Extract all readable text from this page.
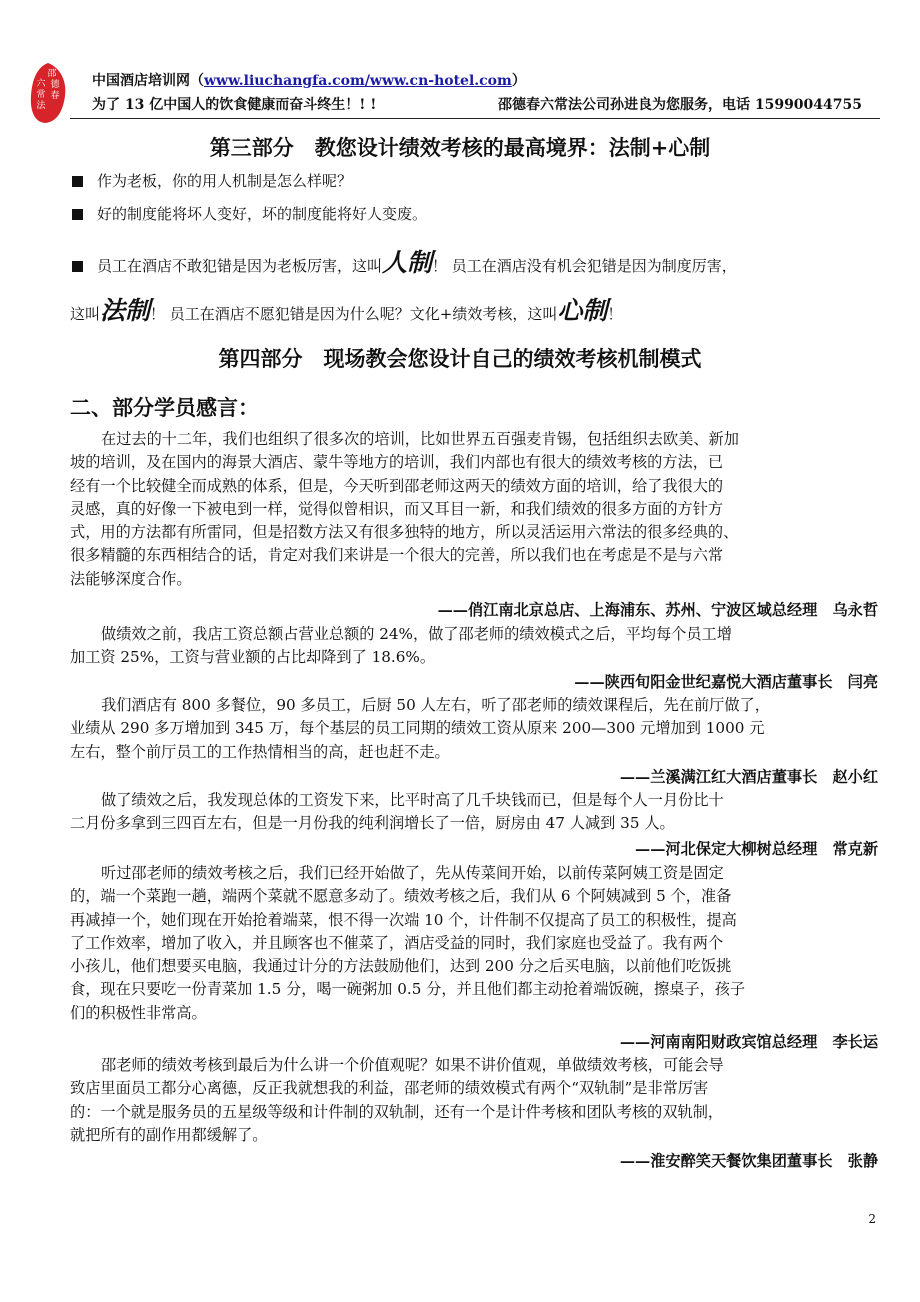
邵
德
春
六
常
法
中国酒店培训网（www.liuchangfa.com/www.cn-hotel.com）
为了 13 亿中国人的饮食健康而奋斗终生！! !	邵德春六常法公司孙进良为您服务，电话 15990044755
第三部分　教您设计绩效考核的最高境界：法制+心制
作为老板，你的用人机制是怎么样呢？
好的制度能将坏人变好，坏的制度能将好人变废。
员工在酒店不敢犯错是因为老板厉害，这叫人制！ 员工在酒店没有机会犯错是因为制度厉害，
这叫法制！ 员工在酒店不愿犯错是因为什么呢？文化+绩效考核，这叫心制！
第四部分　现场教会您设计自己的绩效考核机制模式
二、部分学员感言：
在过去的十二年，我们也组织了很多次的培训，比如世界五百强麦肯锡，包括组织去欧美、新加
坡的培训，及在国内的海景大酒店、蒙牛等地方的培训，我们内部也有很大的绩效考核的方法，已
经有一个比较健全而成熟的体系，但是，今天听到邵老师这两天的绩效方面的培训，给了我很大的
灵感，真的好像一下被电到一样，觉得似曾相识，而又耳目一新，和我们绩效的很多方面的方针方
式，用的方法都有所雷同，但是招数方法又有很多独特的地方，所以灵活运用六常法的很多经典的、
很多精髓的东西相结合的话，肯定对我们来讲是一个很大的完善，所以我们也在考虑是不是与六常
法能够深度合作。
——俏江南北京总店、上海浦东、苏州、宁波区域总经理　乌永哲
做绩效之前，我店工资总额占营业总额的 24%，做了邵老师的绩效模式之后，平均每个员工增
加工资 25%，工资与营业额的占比却降到了 18.6%。
——陕西旬阳金世纪嘉悦大酒店董事长　闫亮
我们酒店有 800 多餐位，90 多员工，后厨 50 人左右，听了邵老师的绩效课程后，先在前厅做了，
业绩从 290 多万增加到 345 万，每个基层的员工同期的绩效工资从原来 200—300 元增加到 1000 元
左右，整个前厅员工的工作热情相当的高，赶也赶不走。
——兰溪满江红大酒店董事长　赵小红
做了绩效之后，我发现总体的工资发下来，比平时高了几千块钱而已，但是每个人一月份比十
二月份多拿到三四百左右，但是一月份我的纯利润增长了一倍，厨房由 47 人减到 35 人。
——河北保定大柳树总经理　常克新
听过邵老师的绩效考核之后，我们已经开始做了，先从传菜间开始，以前传菜阿姨工资是固定
的，端一个菜跑一趟，端两个菜就不愿意多动了。绩效考核之后，我们从 6 个阿姨减到 5 个，准备
再减掉一个，她们现在开始抢着端菜，恨不得一次端 10 个，计件制不仅提高了员工的积极性，提高
了工作效率，增加了收入，并且顾客也不催菜了，酒店受益的同时，我们家庭也受益了。我有两个
小孩儿，他们想要买电脑，我通过计分的方法鼓励他们，达到 200 分之后买电脑，以前他们吃饭挑
食，现在只要吃一份青菜加 1.5 分，喝一碗粥加 0.5 分，并且他们都主动抢着端饭碗，擦桌子，孩子
们的积极性非常高。
——河南南阳财政宾馆总经理　李长运
邵老师的绩效考核到最后为什么讲一个价值观呢？如果不讲价值观，单做绩效考核，可能会导
致店里面员工都分心离德，反正我就想我的利益，邵老师的绩效模式有两个“双轨制”是非常厉害
的：一个就是服务员的五星级等级和计件制的双轨制，还有一个是计件考核和团队考核的双轨制，
就把所有的副作用都缓解了。
——淮安醉笑天餐饮集团董事长　张静
2
